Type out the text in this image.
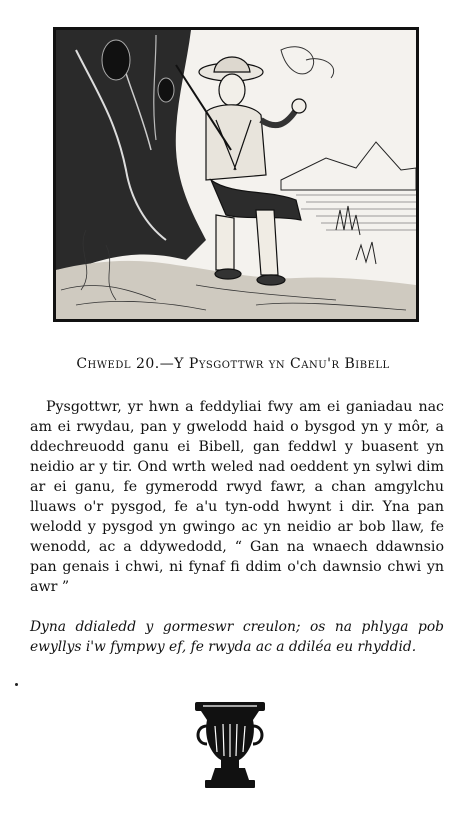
Chwedl 20.—Y Pysgottwr yn Canu'r Bibell

Pysgottwr, yr hwn a feddyliai fwy am ei ganiadau nac am ei rwydau, pan y gwelodd haid o bysgod yn y môr, a ddechreuodd ganu ei Bibell, gan feddwl y buasent yn neidio ar y tir. Ond wrth weled nad oeddent yn sylwi dim ar ei ganu, fe gymerodd rwyd fawr, a chan amgylchu lluaws o'r pysgod, fe a'u tyn-odd hwynt i dir. Yna pan welodd y pysgod yn gwingo ac yn neidio ar bob llaw, fe wenodd, ac a ddywedodd, “ Gan na wnaech ddawnsio pan genais i chwi, ni fynaf fi ddim o'ch dawnsio chwi yn awr ”

Dyna ddialedd y gormeswr creulon; os na phlyga pob ewyllys i'w fympwy ef, fe rwyda ac a ddiléa eu rhyddid.
